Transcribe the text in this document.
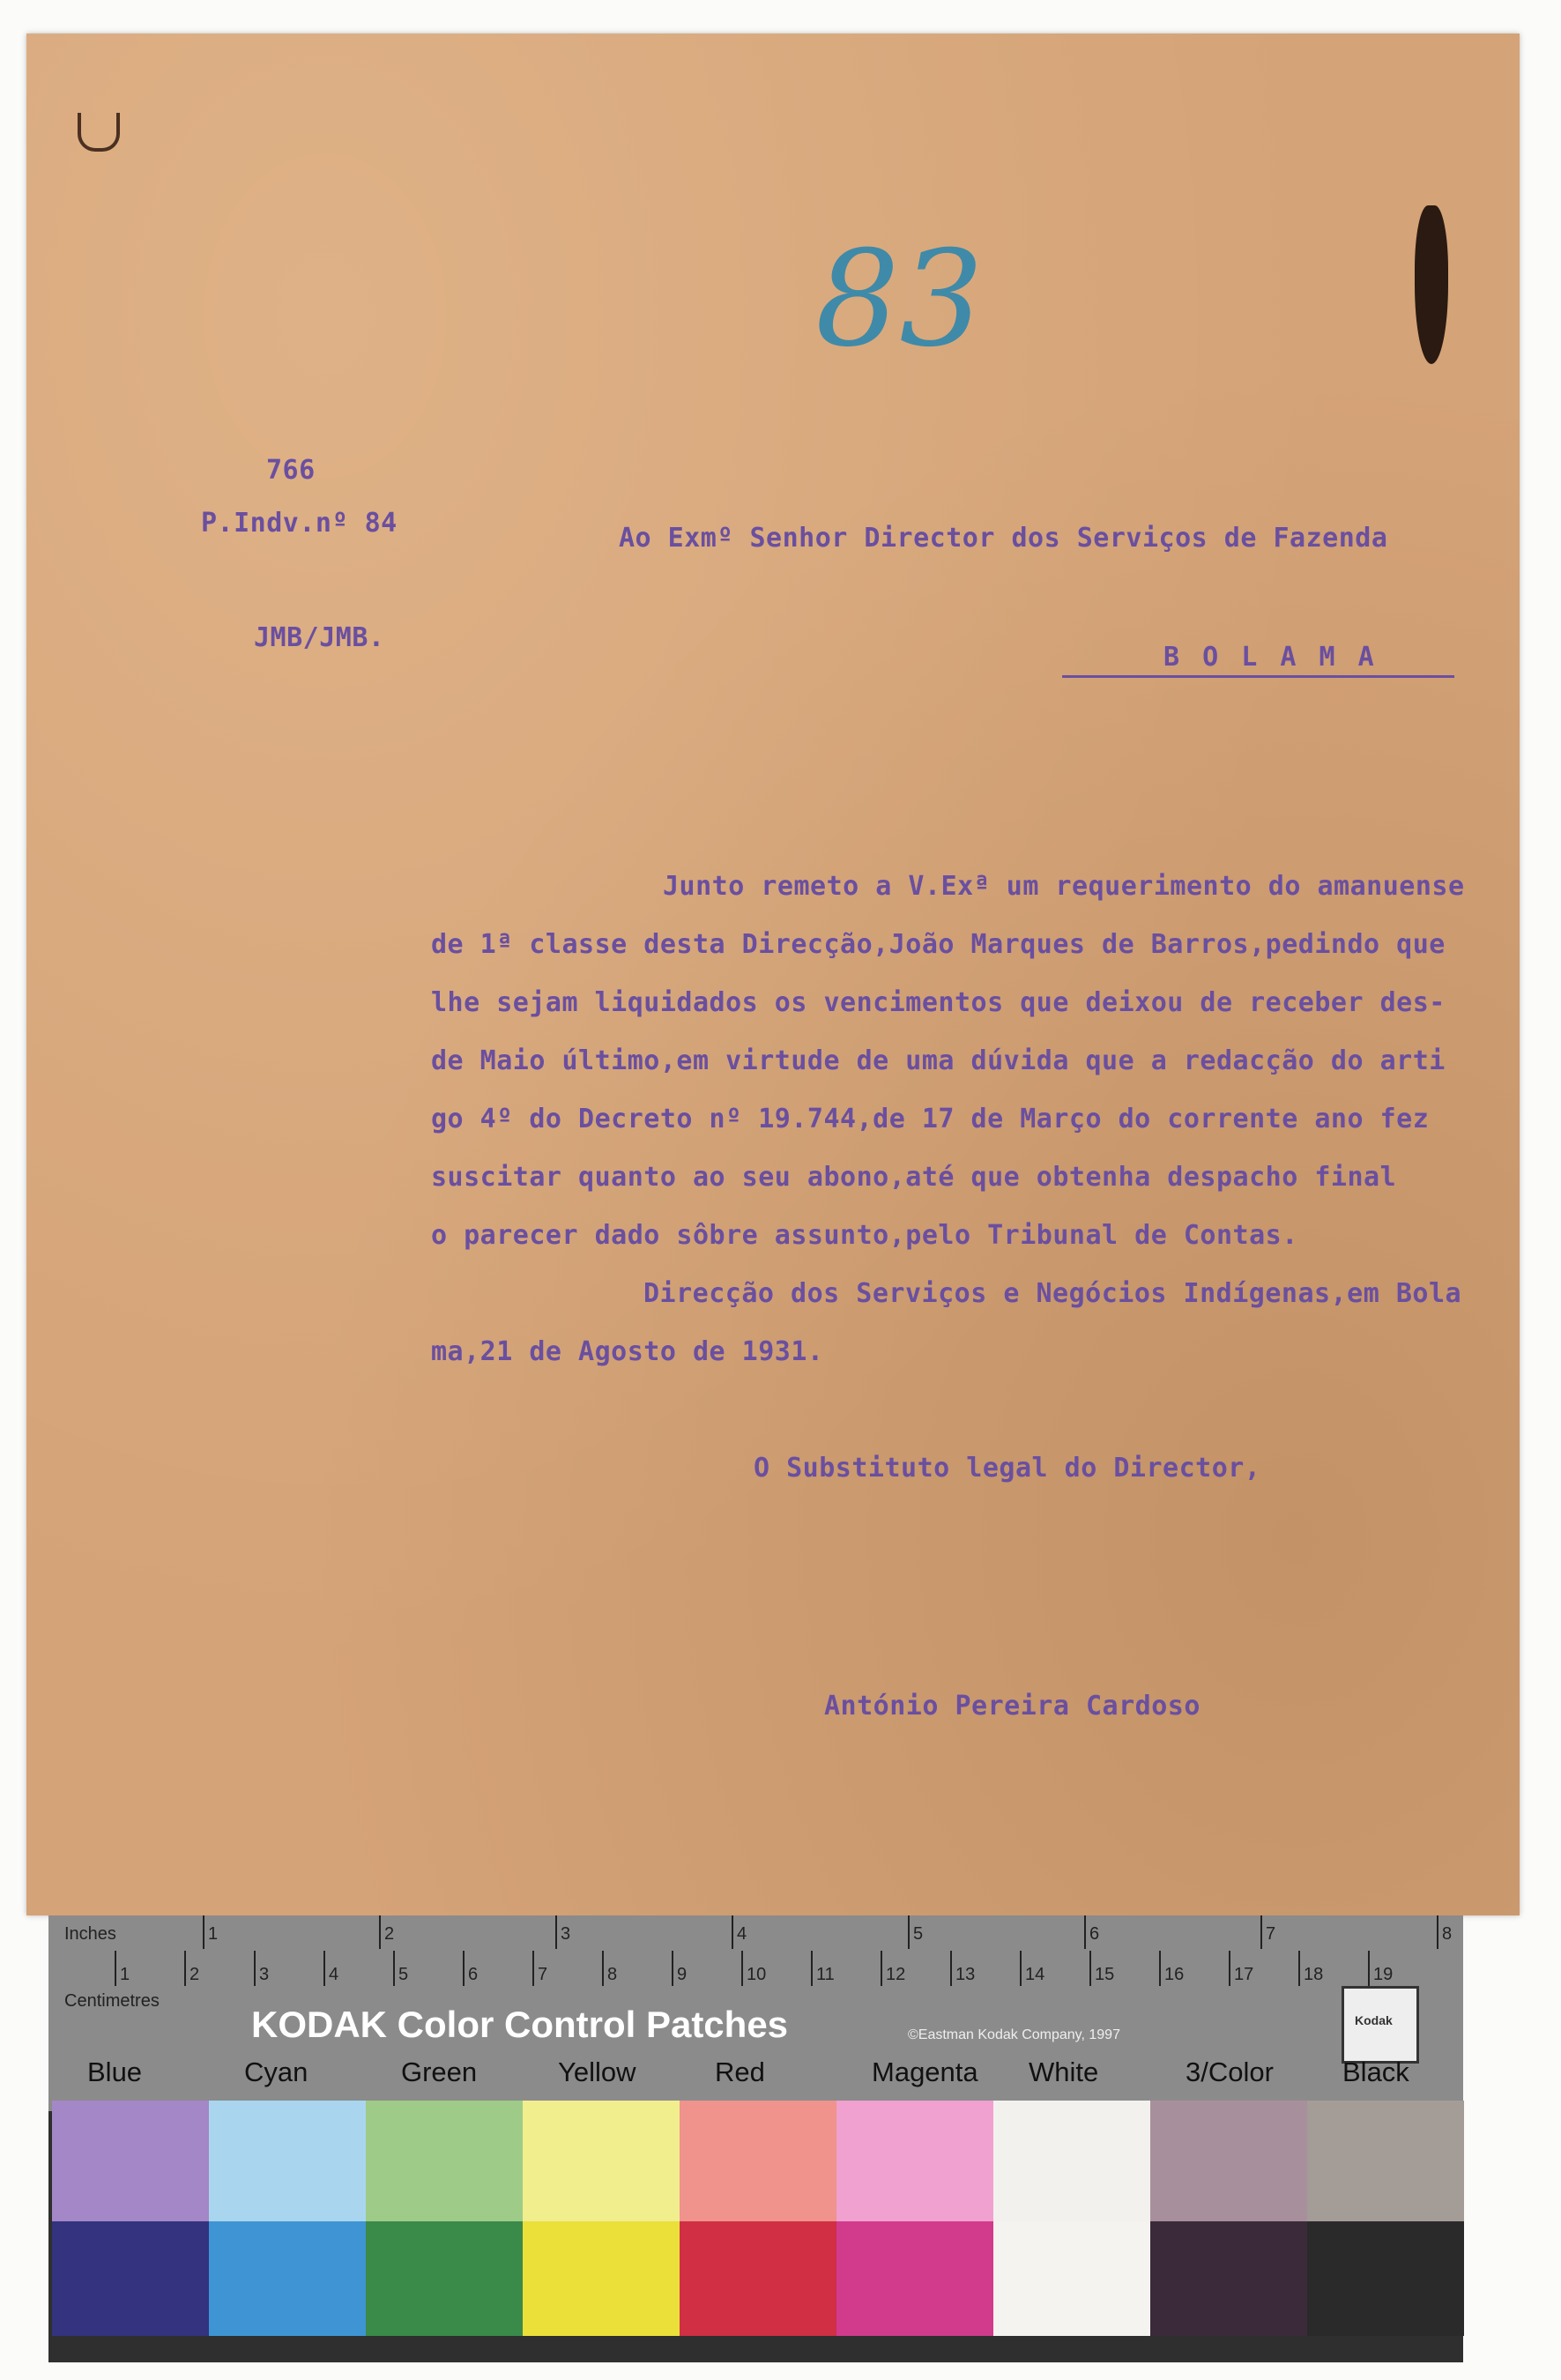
83
766
P.Indv.nº 84
JMB/JMB.
Ao Exmº Senhor Director dos Serviços de Fazenda
B O L A M A
Junto remeto a V.Exª um requerimento do amanuense
de 1ª classe desta Direcção,João Marques de Barros,pedindo que
lhe sejam liquidados os vencimentos que deixou de receber des-
de Maio último,em virtude de uma dúvida que a redacção do arti
go 4º do Decreto nº 19.744,de 17 de Março do corrente ano fez
suscitar quanto ao seu abono,até que obtenha despacho final
o parecer dado sôbre assunto,pelo Tribunal de Contas.
Direcção dos Serviços e Negócios Indígenas,em Bola
ma,21 de Agosto de 1931.
O Substituto legal do Director,
António Pereira Cardoso
Inches
Centimetres
KODAK Color Control Patches	©Eastman Kodak Company, 1997
Kodak
1	2	3	4	5	6	7	8
1	2	3	4	5	6	7	8	9	10	11	12	13	14	15	16	17	18	19
Blue	Cyan	Green	Yellow	Red	Magenta White	3/Color	Black
